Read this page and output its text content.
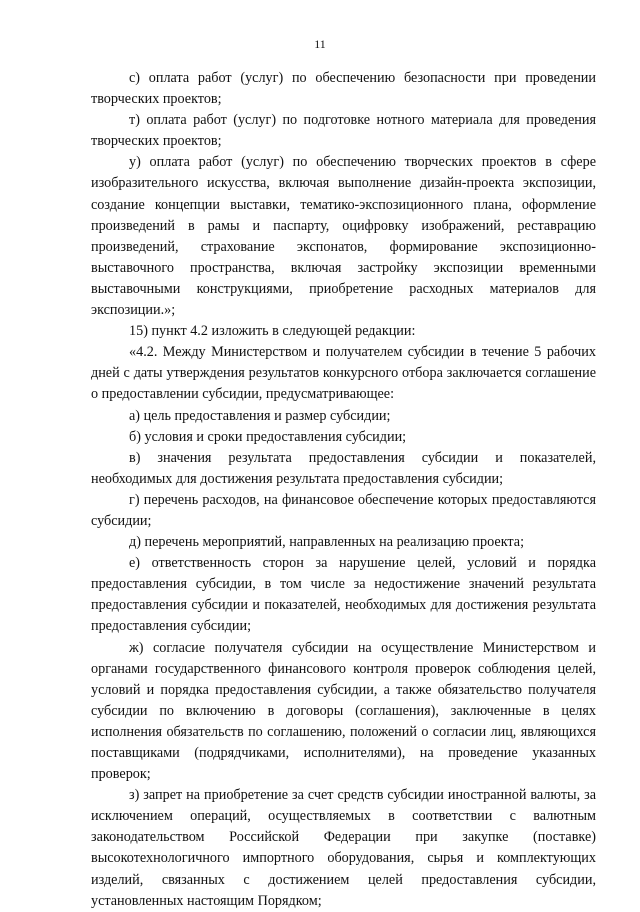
11

с) оплата работ (услуг) по обеспечению безопасности при проведении творческих проектов;

т) оплата работ (услуг) по подготовке нотного материала для проведения творческих проектов;

у) оплата работ (услуг) по обеспечению творческих проектов в сфере изобразительного искусства, включая выполнение дизайн-проекта экспозиции, создание концепции выставки, тематико-экспозиционного плана, оформление произведений в рамы и паспарту, оцифровку изображений, реставрацию произведений, страхование экспонатов, формирование экспозиционно-выставочного пространства, включая застройку экспозиции временными выставочными конструкциями, приобретение расходных материалов для экспозиции.»;

15) пункт 4.2 изложить в следующей редакции:

«4.2. Между Министерством и получателем субсидии в течение 5 рабочих дней с даты утверждения результатов конкурсного отбора заключается соглашение о предоставлении субсидии, предусматривающее:

а) цель предоставления и размер субсидии;

б) условия и сроки предоставления субсидии;

в) значения результата предоставления субсидии и показателей, необходимых для достижения результата предоставления субсидии;

г) перечень расходов, на финансовое обеспечение которых предоставляются субсидии;

д) перечень мероприятий, направленных на реализацию проекта;

е) ответственность сторон за нарушение целей, условий и порядка предоставления субсидии, в том числе за недостижение значений результата предоставления субсидии и показателей, необходимых для достижения результата предоставления субсидии;

ж) согласие получателя субсидии на осуществление Министерством и органами государственного финансового контроля проверок соблюдения целей, условий и порядка предоставления субсидии, а также обязательство получателя субсидии по включению в договоры (соглашения), заключенные в целях исполнения обязательств по соглашению, положений о согласии лиц, являющихся поставщиками (подрядчиками, исполнителями), на проведение указанных проверок;

з) запрет на приобретение за счет средств субсидии иностранной валюты, за исключением операций, осуществляемых в соответствии с валютным законодательством Российской Федерации при закупке (поставке) высокотехнологичного импортного оборудования, сырья и комплектующих изделий, связанных с достижением целей предоставления субсидии, установленных настоящим Порядком;
